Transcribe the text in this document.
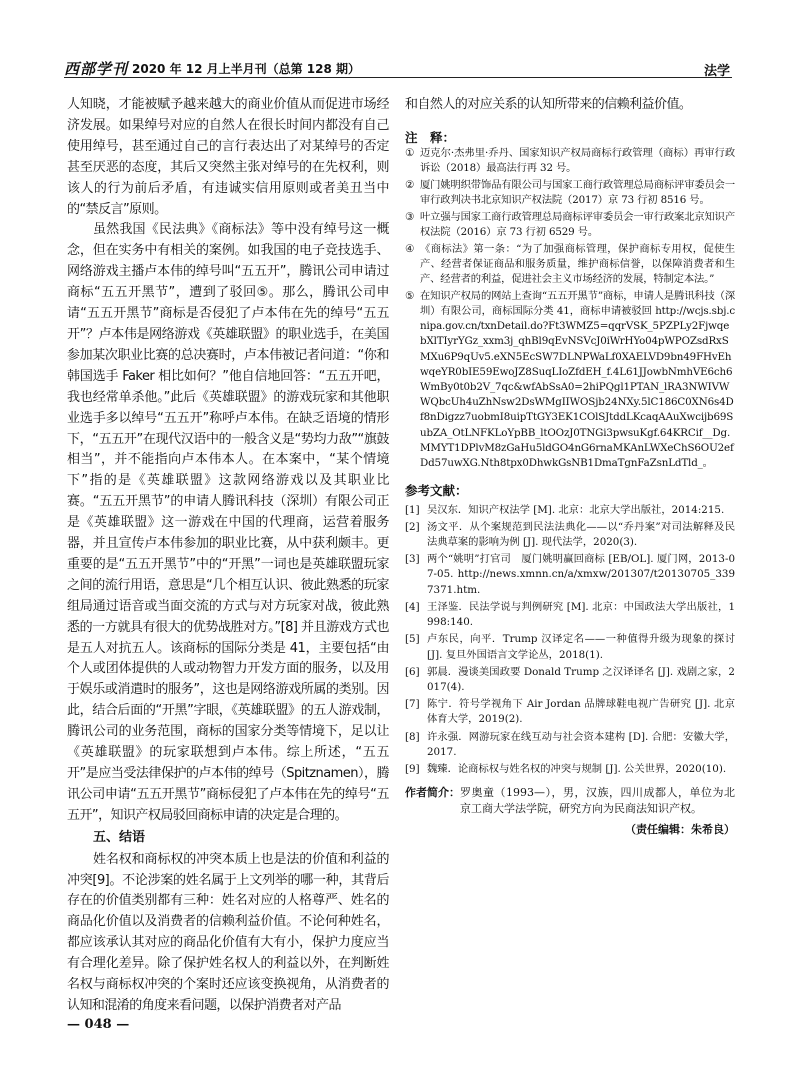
西部学刊 2020 年 12 月上半月刊（总第 128 期）	法学

人知晓，才能被赋予越来越大的商业价值从而促进市场经济发展。如果绰号对应的自然人在很长时间内都没有自己使用绰号，甚至通过自己的言行表达出了对某绰号的否定甚至厌恶的态度，其后又突然主张对绰号的在先权利，则该人的行为前后矛盾，有违诚实信用原则或者美丑当中的“禁反言”原则。

虽然我国《民法典》《商标法》等中没有绰号这一概念，但在实务中有相关的案例。如我国的电子竞技选手、网络游戏主播卢本伟的绰号叫“五五开”，腾讯公司申请过商标“五五开黑节”，遭到了驳回⑤。那么，腾讯公司申请“五五开黑节”商标是否侵犯了卢本伟在先的绰号“五五开”？卢本伟是网络游戏《英雄联盟》的职业选手，在美国参加某次职业比赛的总决赛时，卢本伟被记者问道：“你和韩国选手 Faker 相比如何？”他自信地回答：“五五开吧，我也经常单杀他。”此后《英雄联盟》的游戏玩家和其他职业选手多以绰号“五五开”称呼卢本伟。在缺乏语境的情形下，“五五开”在现代汉语中的一般含义是“势均力敌”“旗鼓相当”，并不能指向卢本伟本人。在本案中，“某个情境下”指的是《英雄联盟》这款网络游戏以及其职业比赛。“五五开黑节”的申请人腾讯科技（深圳）有限公司正是《英雄联盟》这一游戏在中国的代理商，运营着服务器，并且宣传卢本伟参加的职业比赛，从中获利颇丰。更重要的是“五五开黑节”中的“开黑”一词也是英雄联盟玩家之间的流行用语，意思是“几个相互认识、彼此熟悉的玩家组局通过语音或当面交流的方式与对方玩家对战，彼此熟悉的一方就具有很大的优势战胜对方。”[8] 并且游戏方式也是五人对抗五人。该商标的国际分类是 41，主要包括“由个人或团体提供的人或动物智力开发方面的服务，以及用于娱乐或消遣时的服务”，这也是网络游戏所属的类别。因此，结合后面的“开黑”字眼，《英雄联盟》的五人游戏制，腾讯公司的业务范围，商标的国家分类等情境下，足以让《英雄联盟》的玩家联想到卢本伟。综上所述，“五五开”是应当受法律保护的卢本伟的绰号（Spitznamen），腾讯公司申请“五五开黑节”商标侵犯了卢本伟在先的绰号“五五开”，知识产权局驳回商标申请的决定是合理的。

五、结语

姓名权和商标权的冲突本质上也是法的价值和利益的冲突[9]。不论涉案的姓名属于上文列举的哪一种，其背后存在的价值类别都有三种：姓名对应的人格尊严、姓名的商品化价值以及消费者的信赖利益价值。不论何种姓名，都应该承认其对应的商品化价值有大有小，保护力度应当有合理化差异。除了保护姓名权人的利益以外，在判断姓名权与商标权冲突的个案时还应该变换视角，从消费者的认知和混淆的角度来看问题，以保护消费者对产品

和自然人的对应关系的认知所带来的信赖利益价值。

注　释：

① 迈克尔·杰弗里·乔丹、国家知识产权局商标行政管理（商标）再审行政诉讼（2018）最高法行再 32 号。
② 厦门姚明织带饰品有限公司与国家工商行政管理总局商标评审委员会一审行政判决书北京知识产权法院（2017）京 73 行初 8516 号。
③ 叶立强与国家工商行政管理总局商标评审委员会一审行政案北京知识产权法院（2016）京 73 行初 6529 号。
④ 《商标法》第一条：“为了加强商标管理，保护商标专用权，促使生产、经营者保证商品和服务质量，维护商标信誉，以保障消费者和生产、经营者的利益，促进社会主义市场经济的发展，特制定本法。”
⑤ 在知识产权局的网站上查询“五五开黑节”商标，申请人是腾讯科技（深圳）有限公司，商标国际分类 41，商标申请被驳回 http://wcjs.sbj.cnipa.gov.cn/txnDetail.do?Ft3WMZ5=qqrVSK_5PZPLy2FjwqebXlTIyrYGz_xxm3j_qhBl9qEvNSVcJ0iWrHYo04pWPOZsdRxSMXu6P9qUv5.eXN5EcSW7DLNPWaLf0XAELVD9bn49FHvEhwqeYR0bIE59EwoJZ8SuqLIoZfdEH_f.4L61JJowbNmhVE6ch6WmBy0t0b2V_7qc&wfAbSsA0=2hiPQgl1PTAN_lRA3NWIVWWQbcUh4uZhNsw2DsWMgIIWOSjb24NXy.5lC186C0XN6s4Df8nDigzz7uobmI8uipTtGY3EK1COlSJtddLKcaqAAuXwcijb69SubZA_OtLNFKLoYpBB_ltOOzJ0TNGi3pwsuKgf.64KRCif__Dg.MMYT1DPlvM8zGaHu5ldGO4nG6rnaMKAnLWXeChS6OU2efDd57uwXG.Nth8tpx0DhwkGsNB1DmaTgnFaZsnLdTld_。

参考文献：

[1] 吴汉东．知识产权法学 [M]. 北京：北京大学出版社，2014:215.
[2] 汤文平．从个案规范到民法法典化——以“乔丹案”对司法解释及民法典草案的影响为例 [J]. 现代法学，2020(3).
[3] 两个“姚明”打官司　厦门姚明赢回商标 [EB/OL]. 厦门网，2013-07-05. http://news.xmnn.cn/a/xmxw/201307/t20130705_3397371.htm.
[4] 王泽鉴．民法学说与判例研究 [M]. 北京：中国政法大学出版社，1998:140.
[5] 卢东民，向平．Trump 汉译定名——一种值得升级为现象的探讨 [J]. 复旦外国语言文学论丛，2018(1).
[6] 郭晨．漫谈美国政要 Donald Trump 之汉译译名 [J]. 戏剧之家，2017(4).
[7] 陈宁．符号学视角下 Air Jordan 品牌球鞋电视广告研究 [J]. 北京体育大学，2019(2).
[8] 许永强．网游玩家在线互动与社会资本建构 [D]. 合肥：安徽大学，2017.
[9] 魏臻．论商标权与姓名权的冲突与规制 [J]. 公关世界，2020(10).
作者简介： 罗奥童（1993—），男，汉族，四川成都人，单位为北京工商大学法学院，研究方向为民商法知识产权。
（责任编辑：朱希良）
— 048 —
